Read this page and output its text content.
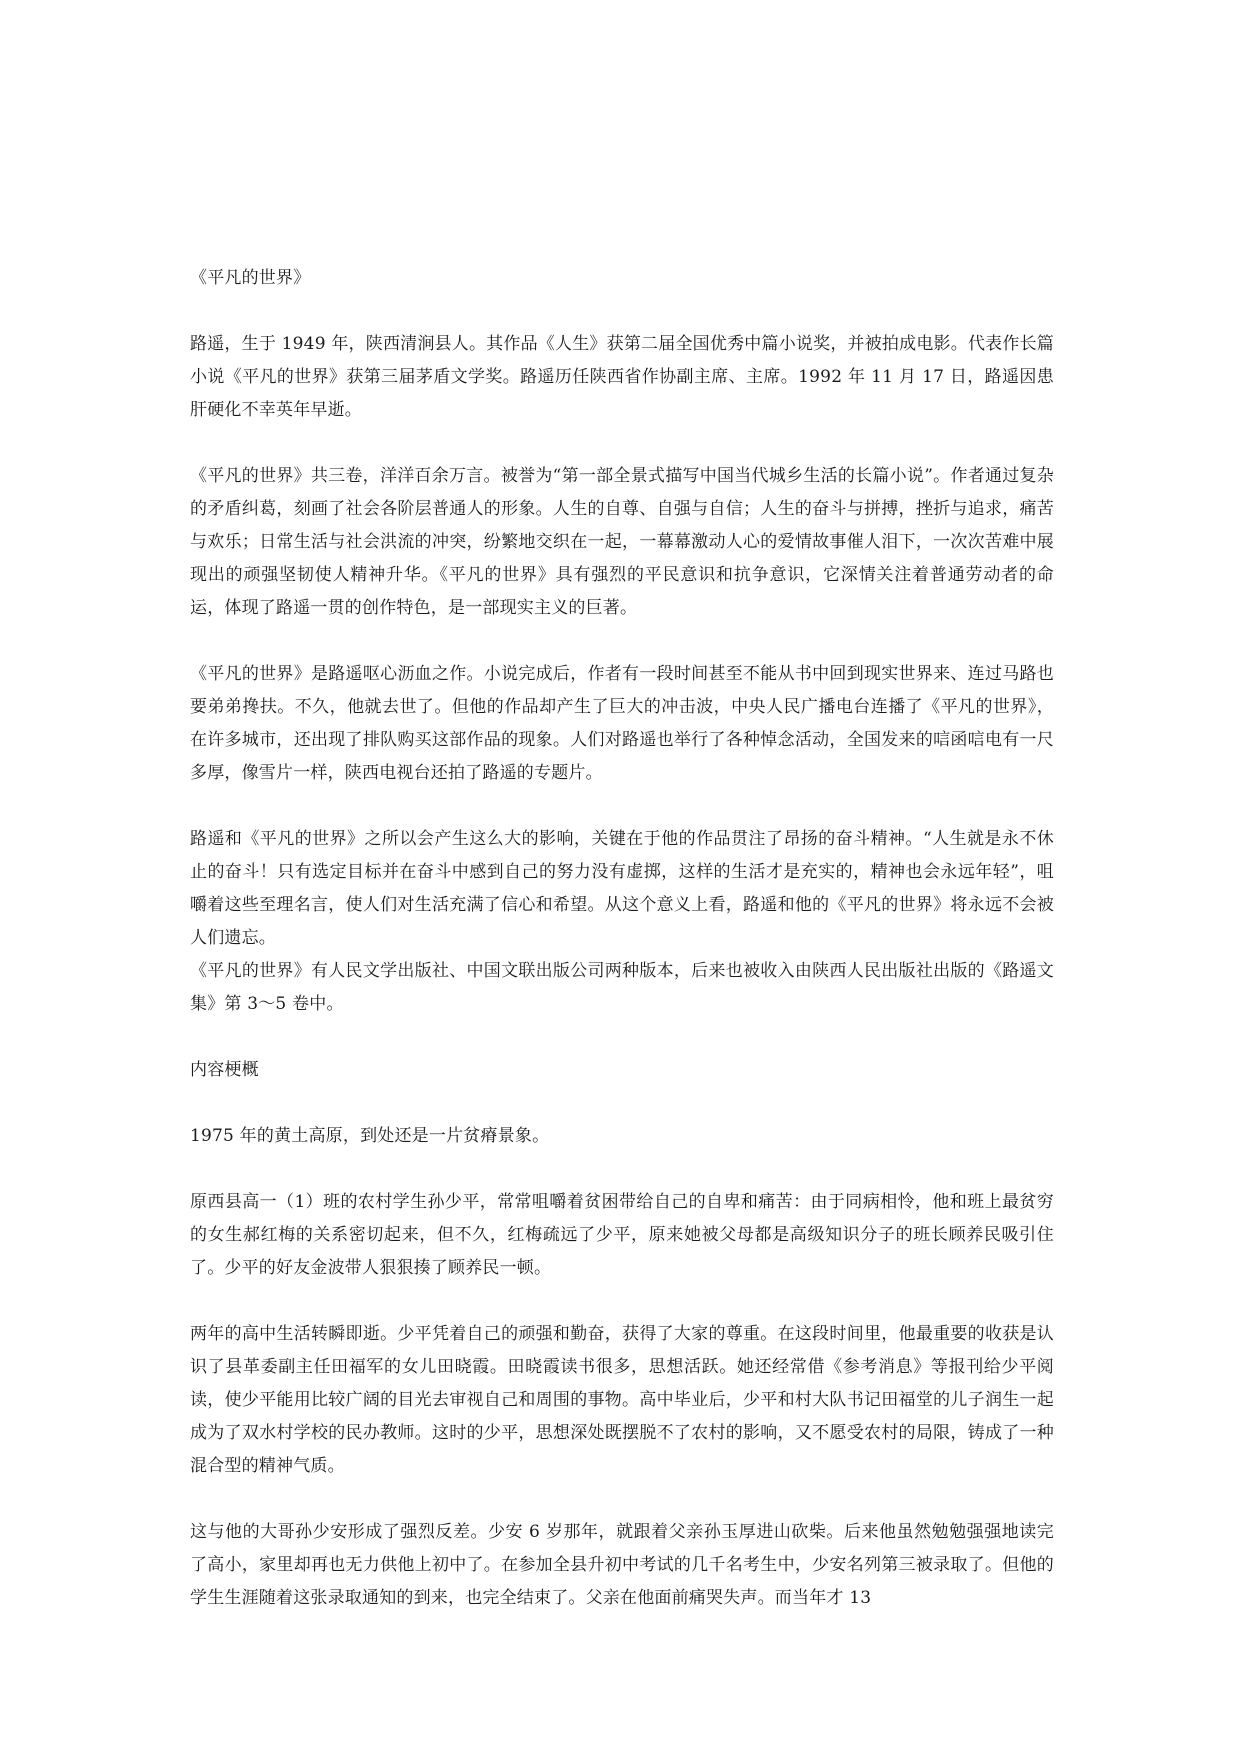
《平凡的世界》

路遥，生于 1949 年，陕西清涧县人。其作品《人生》获第二届全国优秀中篇小说奖，并被拍成电影。代表作长篇小说《平凡的世界》获第三届茅盾文学奖。路遥历任陕西省作协副主席、主席。1992 年 11 月 17 日，路遥因患肝硬化不幸英年早逝。

《平凡的世界》共三卷，洋洋百余万言。被誉为“第一部全景式描写中国当代城乡生活的长篇小说”。作者通过复杂的矛盾纠葛，刻画了社会各阶层普通人的形象。人生的自尊、自强与自信；人生的奋斗与拼搏，挫折与追求，痛苦与欢乐；日常生活与社会洪流的冲突，纷繁地交织在一起，一幕幕激动人心的爱情故事催人泪下，一次次苦难中展现出的顽强坚韧使人精神升华。《平凡的世界》具有强烈的平民意识和抗争意识，它深情关注着普通劳动者的命运，体现了路遥一贯的创作特色，是一部现实主义的巨著。

《平凡的世界》是路遥呕心沥血之作。小说完成后，作者有一段时间甚至不能从书中回到现实世界来、连过马路也要弟弟搀扶。不久，他就去世了。但他的作品却产生了巨大的冲击波，中央人民广播电台连播了《平凡的世界》，在许多城市，还出现了排队购买这部作品的现象。人们对路遥也举行了各种悼念活动，全国发来的唁函唁电有一尺多厚，像雪片一样，陕西电视台还拍了路遥的专题片。

路遥和《平凡的世界》之所以会产生这么大的影响，关键在于他的作品贯注了昂扬的奋斗精神。“人生就是永不休止的奋斗！只有选定目标并在奋斗中感到自己的努力没有虚掷，这样的生活才是充实的，精神也会永远年轻”，咀嚼着这些至理名言，使人们对生活充满了信心和希望。从这个意义上看，路遥和他的《平凡的世界》将永远不会被人们遗忘。

《平凡的世界》有人民文学出版社、中国文联出版公司两种版本，后来也被收入由陕西人民出版社出版的《路遥文集》第 3～5 卷中。

内容梗概

1975 年的黄土高原，到处还是一片贫瘠景象。

原西县高一（1）班的农村学生孙少平，常常咀嚼着贫困带给自己的自卑和痛苦：由于同病相怜，他和班上最贫穷的女生郝红梅的关系密切起来，但不久，红梅疏远了少平，原来她被父母都是高级知识分子的班长顾养民吸引住了。少平的好友金波带人狠狠揍了顾养民一顿。

两年的高中生活转瞬即逝。少平凭着自己的顽强和勤奋，获得了大家的尊重。在这段时间里，他最重要的收获是认识了县革委副主任田福军的女儿田晓霞。田晓霞读书很多，思想活跃。她还经常借《参考消息》等报刊给少平阅读，使少平能用比较广阔的目光去审视自己和周围的事物。高中毕业后，少平和村大队书记田福堂的儿子润生一起成为了双水村学校的民办教师。这时的少平，思想深处既摆脱不了农村的影响，又不愿受农村的局限，铸成了一种混合型的精神气质。

这与他的大哥孙少安形成了强烈反差。少安 6 岁那年，就跟着父亲孙玉厚进山砍柴。后来他虽然勉勉强强地读完了高小，家里却再也无力供他上初中了。在参加全县升初中考试的几千名考生中，少安名列第三被录取了。但他的学生生涯随着这张录取通知的到来，也完全结束了。父亲在他面前痛哭失声。而当年才 13
